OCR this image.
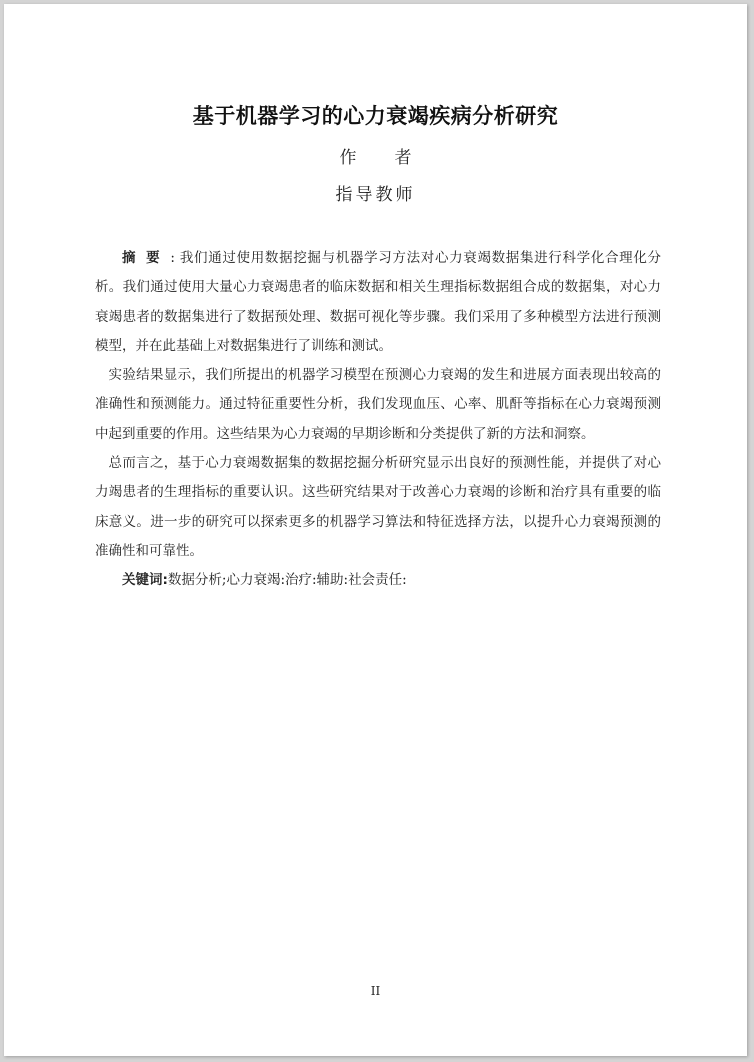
基于机器学习的心力衰竭疾病分析研究
作者
指导教师

摘要: 我们通过使用数据挖掘与机器学习方法对心力衰竭数据集进行科学化合理化分析。我们通过使用大量心力衰竭患者的临床数据和相关生理指标数据组合成的数据集，对心力衰竭患者的数据集进行了数据预处理、数据可视化等步骤。我们采用了多种模型方法进行预测模型，并在此基础上对数据集进行了训练和测试。

实验结果显示，我们所提出的机器学习模型在预测心力衰竭的发生和进展方面表现出较高的准确性和预测能力。通过特征重要性分析，我们发现血压、心率、肌酐等指标在心力衰竭预测中起到重要的作用。这些结果为心力衰竭的早期诊断和分类提供了新的方法和洞察。

总而言之，基于心力衰竭数据集的数据挖掘分析研究显示出良好的预测性能，并提供了对心力竭患者的生理指标的重要认识。这些研究结果对于改善心力衰竭的诊断和治疗具有重要的临床意义。进一步的研究可以探索更多的机器学习算法和特征选择方法，以提升心力衰竭预测的准确性和可靠性。

关键词:数据分析;心力衰竭:治疗:辅助:社会责任:

II
